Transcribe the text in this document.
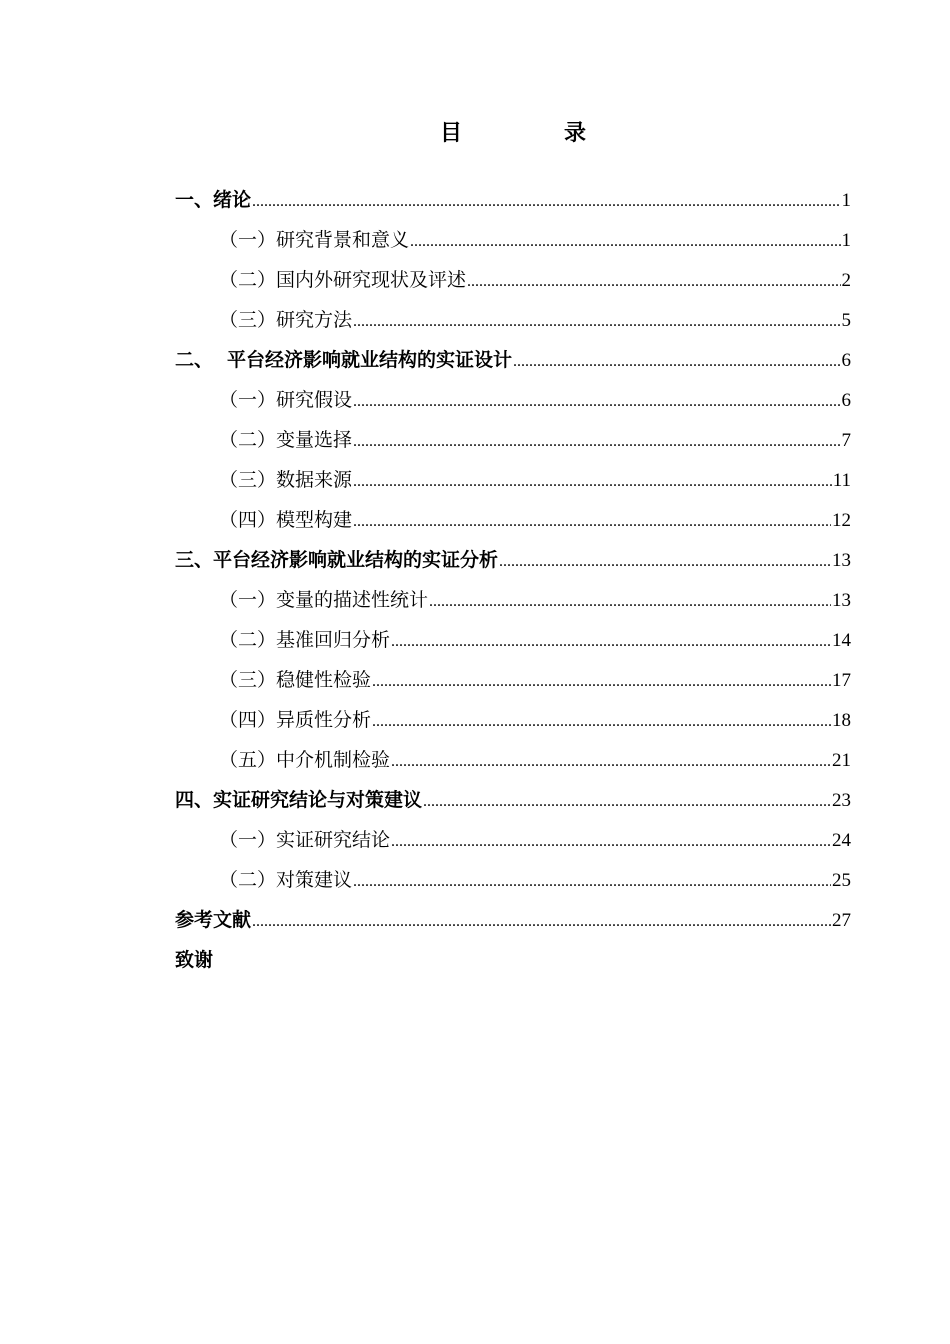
目	录
一、绪论 .....	1
（一）研究背景和意义 .....	1
（二）国内外研究现状及评述 .....	2
（三）研究方法 .....	5
二、 平台经济影响就业结构的实证设计 .....	6
（一）研究假设 .....	6
（二）变量选择 .....	7
（三）数据来源 .....	11
（四）模型构建 .....	12
三、平台经济影响就业结构的实证分析 .....	13
（一）变量的描述性统计 .....	13
（二）基准回归分析 .....	14
（三）稳健性检验 .....	17
（四）异质性分析 .....	18
（五）中介机制检验 .....	21
四、实证研究结论与对策建议 .....	23
（一）实证研究结论 .....	24
（二）对策建议 .....	25
参考文献 .....	27
致谢
